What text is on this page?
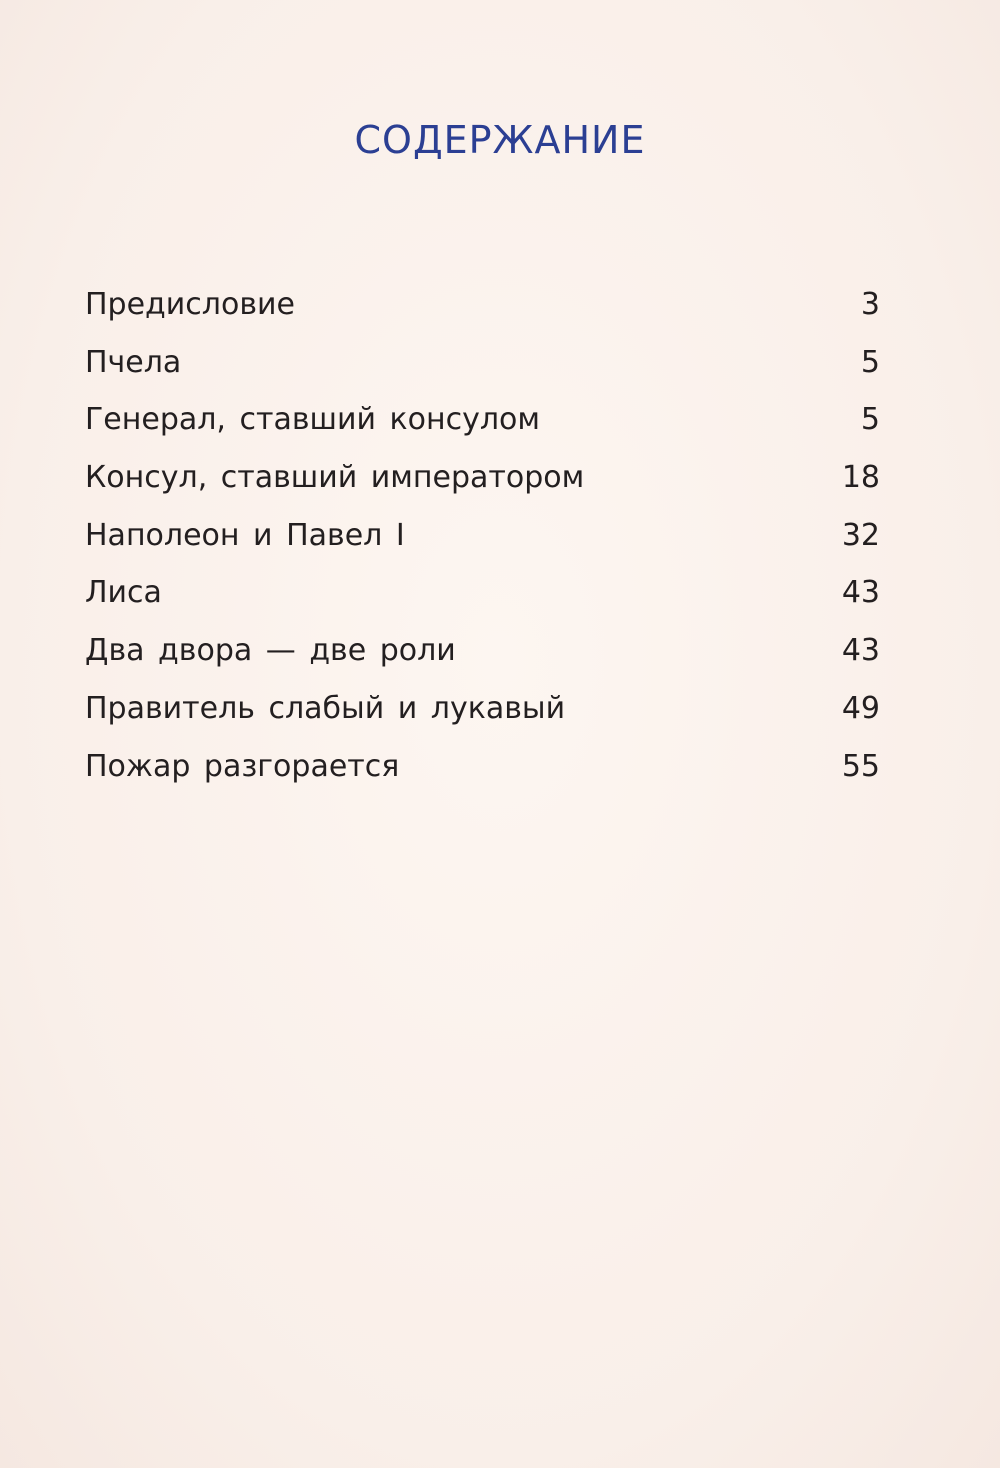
СОДЕРЖАНИЕ
Предисловие	3
Пчела	5
Генерал, ставший консулом	5
Консул, ставший императором	18
Наполеон и Павел I	32
Лиса	43
Два двора — две роли	43
Правитель слабый и лукавый	49
Пожар разгорается	55
